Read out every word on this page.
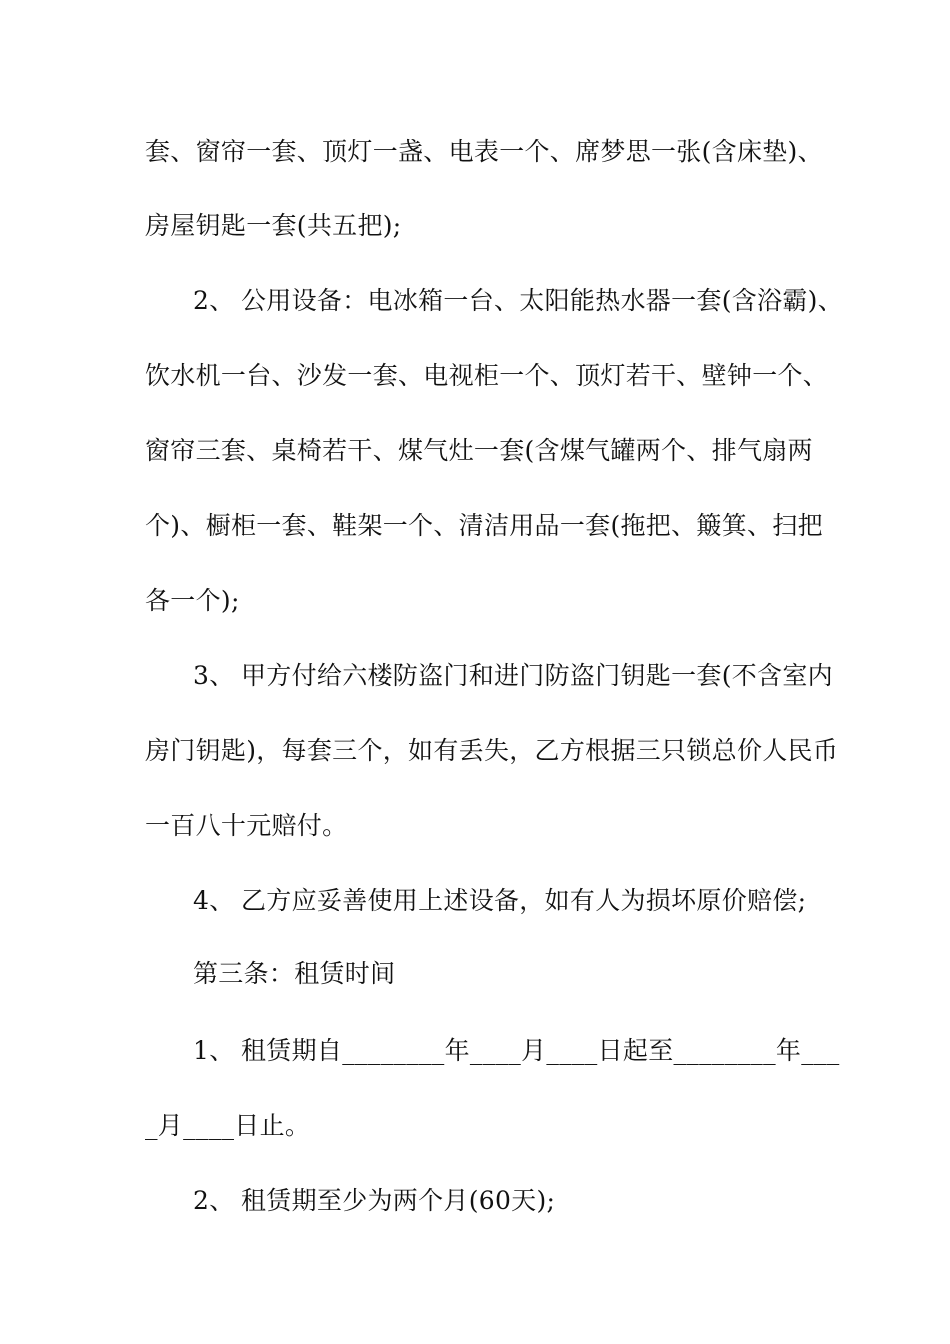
套、窗帘一套、顶灯一盏、电表一个、席梦思一张(含床垫)、
房屋钥匙一套(共五把);
2、 公用设备：电冰箱一台、太阳能热水器一套(含浴霸)、
饮水机一台、沙发一套、电视柜一个、顶灯若干、壁钟一个、
窗帘三套、桌椅若干、煤气灶一套(含煤气罐两个、排气扇两
个)、橱柜一套、鞋架一个、清洁用品一套(拖把、簸箕、扫把
各一个);
3、 甲方付给六楼防盗门和进门防盗门钥匙一套(不含室内
房门钥匙)，每套三个，如有丢失，乙方根据三只锁总价人民币
一百八十元赔付。
4、 乙方应妥善使用上述设备，如有人为损坏原价赔偿;
第三条：租赁时间
1、 租赁期自________年____月____日起至________年___
_月____日止。
2、 租赁期至少为两个月(60天);
